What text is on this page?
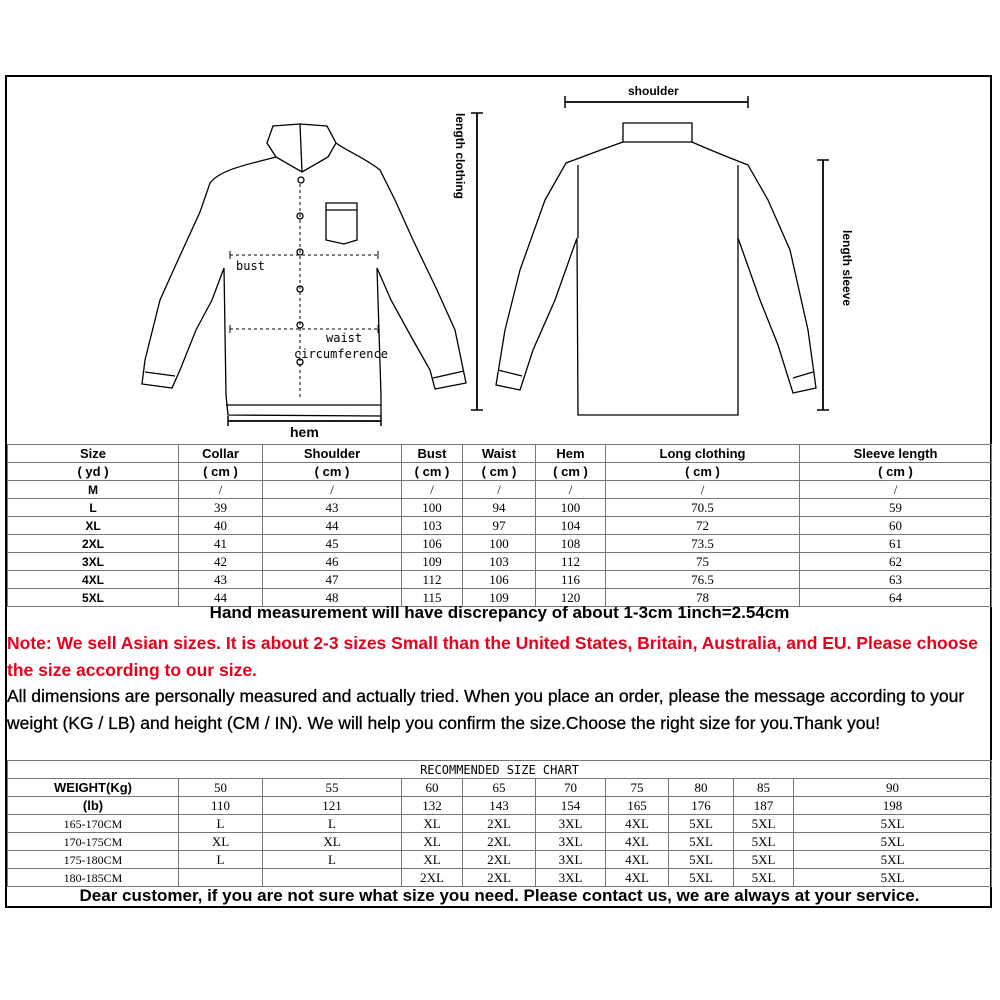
length clothing
bust
waist
circumference
hem
shoulder
length sleeve
Size	Collar	Shoulder	Bust	Waist	Hem	Long clothing	Sleeve length
( yd )	( cm )	( cm )	( cm )	( cm )	( cm )	( cm )	( cm )
M	/	/	/	/	/	/	/
L	39	43	100	94	100	70.5	59
XL	40	44	103	97	104	72	60
2XL	41	45	106	100	108	73.5	61
3XL	42	46	109	103	112	75	62
4XL	43	47	112	106	116	76.5	63
5XL	44	48	115	109	120	78	64
Hand measurement will have discrepancy of about 1-3cm 1inch=2.54cm
Note: We sell Asian sizes. It is about 2-3 sizes Small than the United States, Britain, Australia, and EU. Please choose the size according to our size.
All dimensions are personally measured and actually tried. When you place an order, please the message according to your weight (KG / LB) and height (CM / IN). We will help you confirm the size.Choose the right size for you.Thank you!
RECOMMENDED SIZE CHART									
WEIGHT(Kg)	50	55	60	65	70	75	80	85	90
(lb)	110	121	132	143	154	165	176	187	198
165-170CM	L	L	XL	2XL	3XL	4XL	5XL	5XL	5XL
170-175CM	XL	XL	XL	2XL	3XL	4XL	5XL	5XL	5XL
175-180CM	L	L	XL	2XL	3XL	4XL	5XL	5XL	5XL
180-185CM			2XL	2XL	3XL	4XL	5XL	5XL	5XL
Dear customer, if you are not sure what size you need. Please contact us, we are always at your service.
